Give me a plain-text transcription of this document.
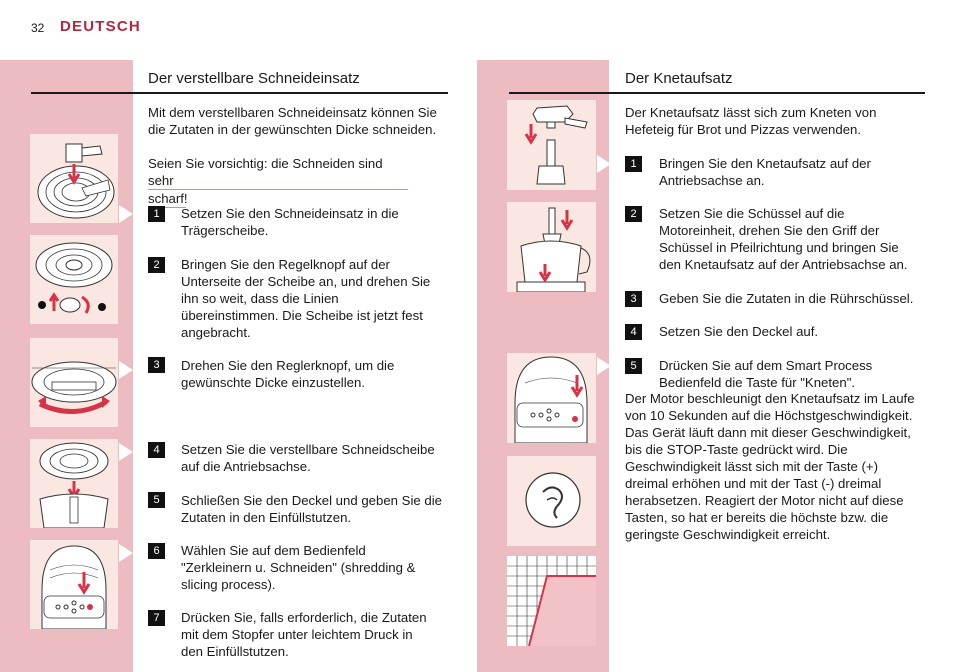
32 DEUTSCH
Der verstellbare Schneideinsatz
Mit dem verstellbaren Schneideinsatz können Sie
die Zutaten in der gewünschten Dicke schneiden.
Seien Sie vorsichtig: die Schneiden sind sehr
scharf!
1	Setzen Sie den Schneideinsatz in die
Trägerscheibe.
2	Bringen Sie den Regelknopf auf der
Unterseite der Scheibe an, und drehen Sie
ihn so weit, dass die Linien
übereinstimmen. Die Scheibe ist jetzt fest
angebracht.
3	Drehen Sie den Reglerknopf, um die
gewünschte Dicke einzustellen.
4	Setzen Sie die verstellbare Schneidscheibe
auf die Antriebsachse.
5	Schließen Sie den Deckel und geben Sie die
Zutaten in den Einfüllstutzen.
6	Wählen Sie auf dem Bedienfeld
"Zerkleinern u. Schneiden" (shredding &
slicing process).
7	Drücken Sie, falls erforderlich, die Zutaten
mit dem Stopfer unter leichtem Druck in
den Einfüllstutzen.
Der Knetaufsatz
Der Knetaufsatz lässt sich zum Kneten von
Hefeteig für Brot und Pizzas verwenden.
1	Bringen Sie den Knetaufsatz auf der
Antriebsachse an.
2	Setzen Sie die Schüssel auf die
Motoreinheit, drehen Sie den Griff der
Schüssel in Pfeilrichtung und bringen Sie
den Knetaufsatz auf der Antriebsachse an.
3	Geben Sie die Zutaten in die Rührschüssel.
4	Setzen Sie den Deckel auf.
5	Drücken Sie auf dem Smart Process
Bedienfeld die Taste für "Kneten".
Der Motor beschleunigt den Knetaufsatz im Laufe
von 10 Sekunden auf die Höchstgeschwindigkeit.
Das Gerät läuft dann mit dieser Geschwindigkeit,
bis die STOP-Taste gedrückt wird. Die
Geschwindigkeit lässt sich mit der Taste (+)
dreimal erhöhen und mit der Tast (-) dreimal
herabsetzen. Reagiert der Motor nicht auf diese
Tasten, so hat er bereits die höchste bzw. die
geringste Geschwindigkeit erreicht.
